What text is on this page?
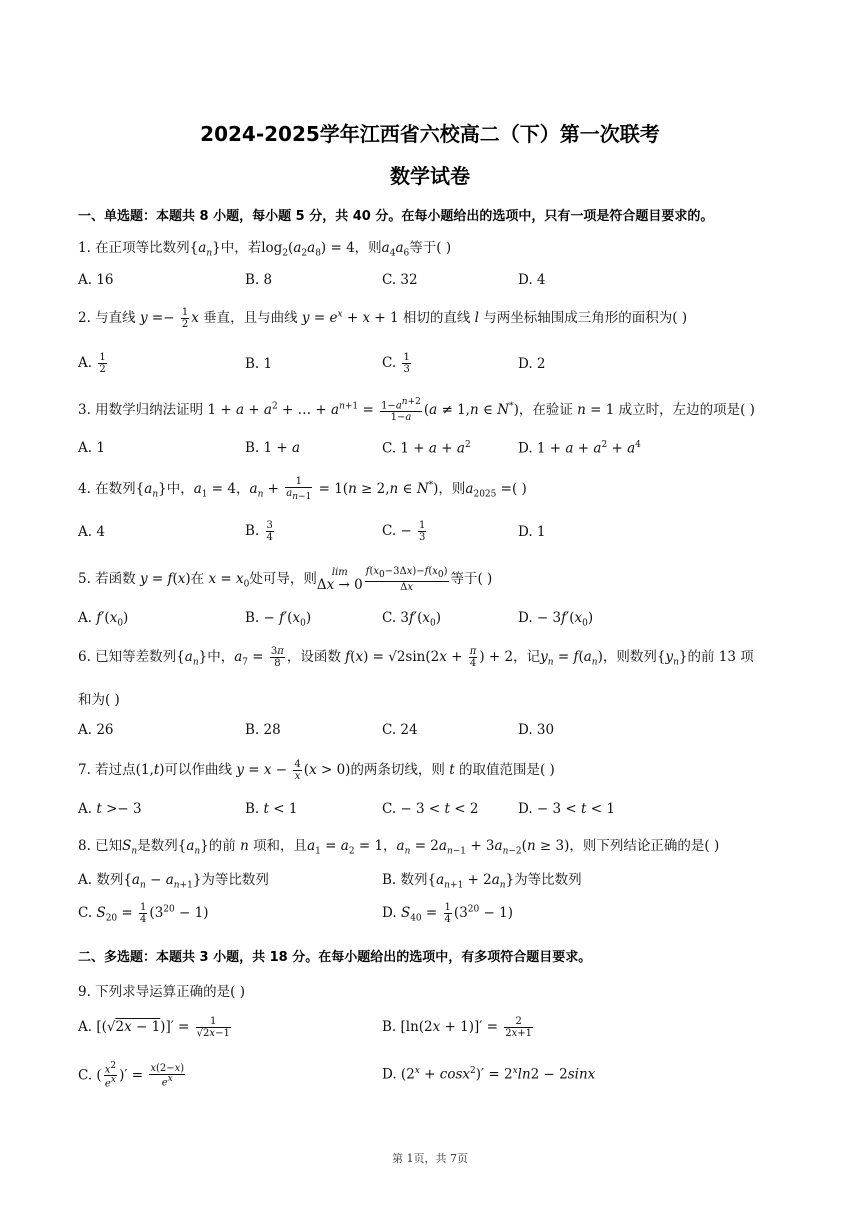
2024-2025学年江西省六校高二（下）第一次联考
数学试卷
一、单选题：本题共 8 小题，每小题 5 分，共 40 分。在每小题给出的选项中，只有一项是符合题目要求的。
1. 在正项等比数列$\{a_n\}$中，若$\log_2(a_2a_8) = 4$，则$a_4a_6$等于( )
A. 16	B. 8	C. 32	D. 4
2. 与直线 $y =- \frac{1}{2}$ x 垂直，且与曲线 $y = e^x + x + 1$ 相切的直线 l 与两坐标轴围成三角形的面积为( )
A. $\frac{1}{2}$	B. 1	C. $\frac{1}{3}$	D. 2
3. 用数学归纳法证明 $1 + a + a^2$ + … + $a^{n+1} = \frac{1-a^{n+2}}{1-a} (a \ne 1,n$ ∈ N*)，在验证 n = 1 成立时，左边的项是( )
A. 1	B. 1 + a	C. $1 + a + a^2$	D. $1 + a + a^2 + a^4$
4. 在数列$\{a_n\}$中，$a_1 = 4$，$a_n + \frac{1}{a_{n-1}} = 1(n \ge 2,n$ ∈ N*)，则$a_{2025}$ =( )
A. 4	B. $\frac{3}{4}$	C. − $\frac{1}{3}$	D. 1
5. 若函数 y = f(x)在 $x = x_0$处可导，则	lim
$\Delta x \to 0 \frac{f(x_0-3\Delta x)-f(x_0)}{\Delta x}$ 等于( )
A. $f'(x_0)$	B. − $f'(x_0)$	C. $3f'(x_0)$	D. − $3f'(x_0)$
6. 已知等差数列$\{a_n\}$中，$a_7 = \frac{3\pi}{8}$ ，设函数 $f(x) = √2\sin(2x + \frac{\pi}{4}$ ) + 2，记$y_n = f(a_n)$，则数列$\{y_n\}$的前 13 项
和为( )
A. 26	B. 28	C. 24	D. 30
7. 若过点(1,t)可以作曲线 $y = x - \frac{4}{x} (x > 0)$的两条切线，则 t 的取值范围是( )
A. t >− 3	B. t < 1	C. − 3 < t < 2	D. − 3 < t < 1
8. 已知$S_n$是数列$\{a_n\}$的前 n 项和，且$a_1 = a_2 = 1$，$a_n = 2a_{n-1} + 3a_{n-2}(n \ge 3)$，则下列结论正确的是( )
A. 数列$\{a_n - a_{n+1}\}$为等比数列	B. 数列$\{a_{n+1} + 2a_n\}$为等比数列
C. $S_{20} = \frac{1}{4} (3^{20} - 1)$	D. $S_{40} = \frac{1}{4} (3^{20} - 1)$
二、多选题：本题共 3 小题，共 18 分。在每小题给出的选项中，有多项符合题目要求。
9. 下列求导运算正确的是( )
A. $[(√2x - 1)]' = \frac{1}{√2x-1}$	B. $[\ln(2x + 1)]' = \frac{2}{2x+1}$
C. ( $\frac{x^2}{e^x}$ )′ = $\frac{x(2-x)}{e^x}$	D. $(2^x + \cos x^2)' = 2^x\ln 2 - 2\sin x$
第 1页，共 7页
